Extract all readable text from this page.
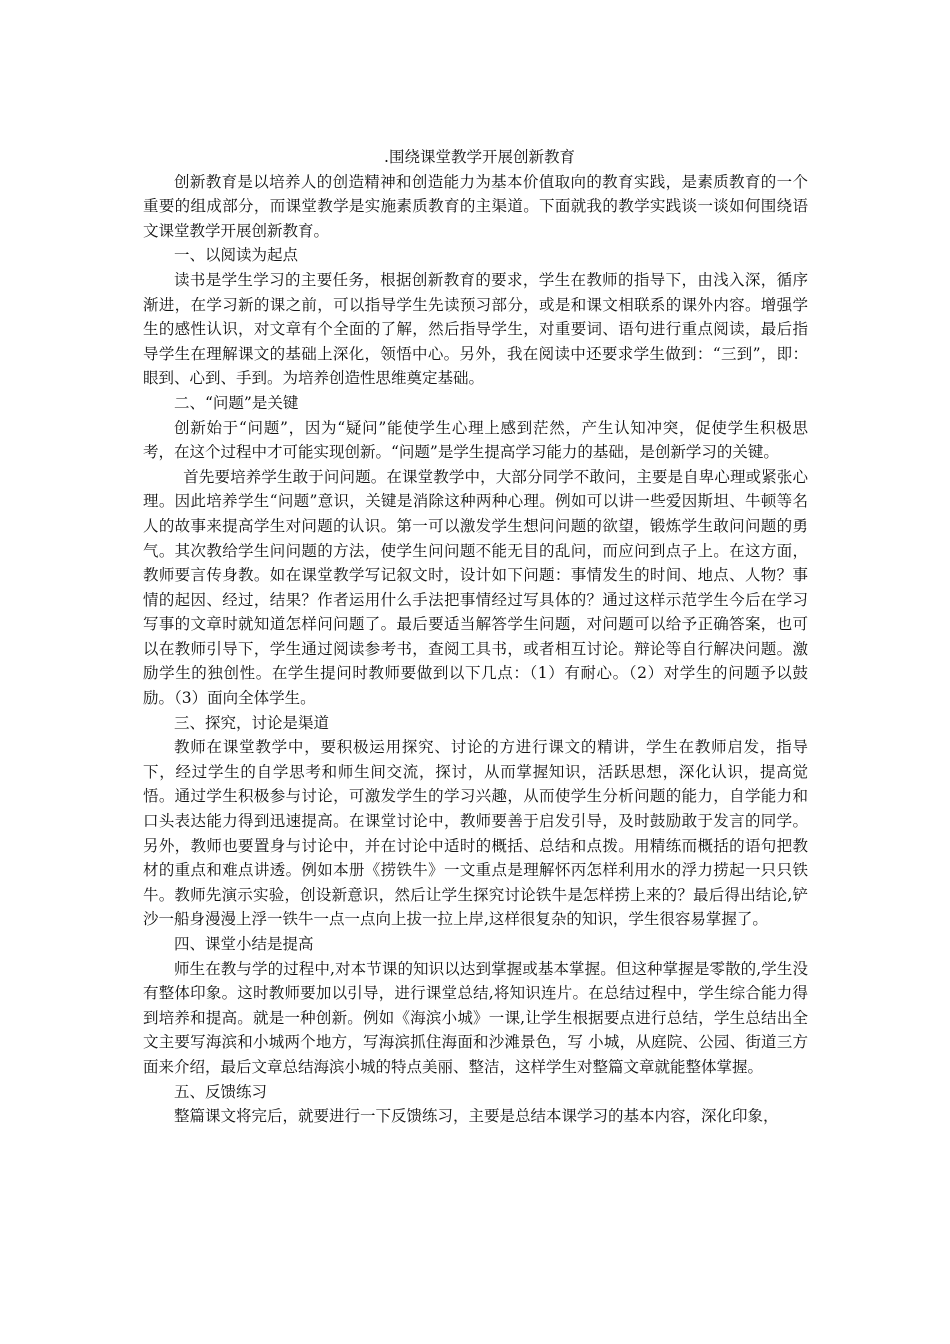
.围绕课堂教学开展创新教育

创新教育是以培养人的创造精神和创造能力为基本价值取向的教育实践，是素质教育的一个重要的组成部分，而课堂教学是实施素质教育的主渠道。下面就我的教学实践谈一谈如何围绕语文课堂教学开展创新教育。

一、以阅读为起点

读书是学生学习的主要任务，根据创新教育的要求，学生在教师的指导下，由浅入深，循序渐进，在学习新的课之前，可以指导学生先读预习部分，或是和课文相联系的课外内容。增强学生的感性认识，对文章有个全面的了解，然后指导学生，对重要词、语句进行重点阅读，最后指导学生在理解课文的基础上深化，领悟中心。另外，我在阅读中还要求学生做到：“三到”，即：眼到、心到、手到。为培养创造性思维奠定基础。

二、“问题”是关键

创新始于“问题”，因为“疑问”能使学生心理上感到茫然，产生认知冲突，促使学生积极思考，在这个过程中才可能实现创新。“问题”是学生提高学习能力的基础，是创新学习的关键。

首先要培养学生敢于问问题。在课堂教学中，大部分同学不敢问，主要是自卑心理或紧张心理。因此培养学生“问题”意识，关键是消除这种两种心理。例如可以讲一些爱因斯坦、牛顿等名人的故事来提高学生对问题的认识。第一可以激发学生想问问题的欲望，锻炼学生敢问问题的勇气。其次教给学生问问题的方法，使学生问问题不能无目的乱问，而应问到点子上。在这方面，教师要言传身教。如在课堂教学写记叙文时，设计如下问题：事情发生的时间、地点、人物？事情的起因、经过，结果？作者运用什么手法把事情经过写具体的？通过这样示范学生今后在学习写事的文章时就知道怎样问问题了。最后要适当解答学生问题，对问题可以给予正确答案，也可以在教师引导下，学生通过阅读参考书，查阅工具书，或者相互讨论。辩论等自行解决问题。激励学生的独创性。在学生提问时教师要做到以下几点：（1）有耐心。（2）对学生的问题予以鼓励。（3）面向全体学生。

三、探究，讨论是渠道

教师在课堂教学中，要积极运用探究、讨论的方进行课文的精讲，学生在教师启发，指导下，经过学生的自学思考和师生间交流，探讨，从而掌握知识，活跃思想，深化认识，提高觉悟。通过学生积极参与讨论，可激发学生的学习兴趣，从而使学生分析问题的能力，自学能力和口头表达能力得到迅速提高。在课堂讨论中，教师要善于启发引导，及时鼓励敢于发言的同学。另外，教师也要置身与讨论中，并在讨论中适时的概括、总结和点拨。用精练而概括的语句把教材的重点和难点讲透。例如本册《捞铁牛》一文重点是理解怀丙怎样利用水的浮力捞起一只只铁牛。教师先演示实验，创设新意识，然后让学生探究讨论铁牛是怎样捞上来的？最后得出结论,铲沙一船身漫漫上浮一铁牛一点一点向上拔一拉上岸,这样很复杂的知识，学生很容易掌握了。

四、课堂小结是提高

师生在教与学的过程中,对本节课的知识以达到掌握或基本掌握。但这种掌握是零散的,学生没有整体印象。这时教师要加以引导，进行课堂总结,将知识连片。在总结过程中，学生综合能力得到培养和提高。就是一种创新。例如《海滨小城》一课,让学生根据要点进行总结，学生总结出全文主要写海滨和小城两个地方，写海滨抓住海面和沙滩景色，写 小城，从庭院、公园、街道三方面来介绍，最后文章总结海滨小城的特点美丽、整洁，这样学生对整篇文章就能整体掌握。

五、反馈练习

整篇课文将完后，就要进行一下反馈练习，主要是总结本课学习的基本内容，深化印象，
